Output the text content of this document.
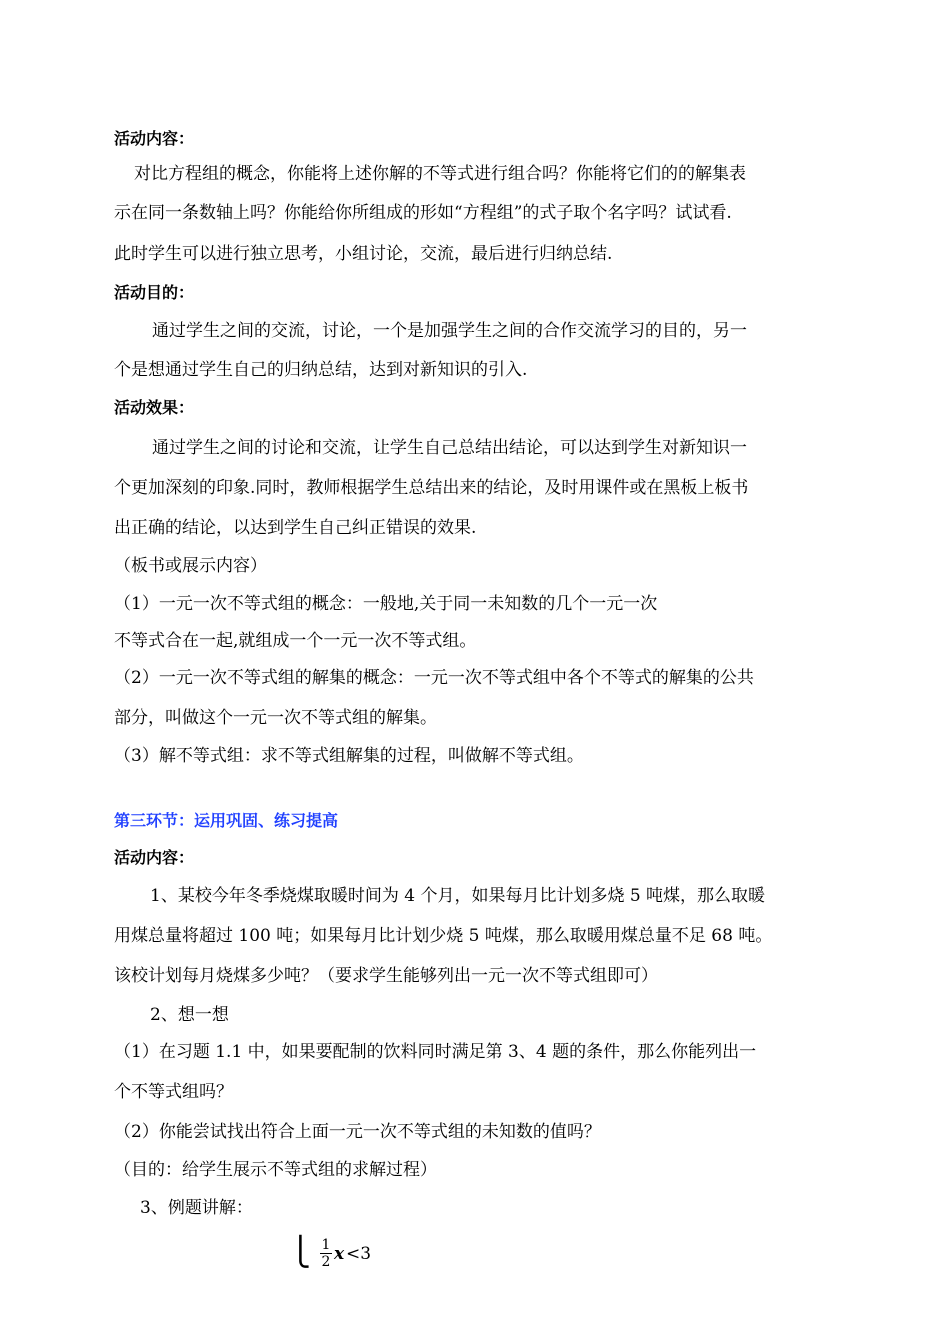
活动内容：
对比方程组的概念，你能将上述你解的不等式进行组合吗？你能将它们的的解集表
示在同一条数轴上吗？你能给你所组成的形如“方程组”的式子取个名字吗？试试看.
此时学生可以进行独立思考，小组讨论，交流，最后进行归纳总结.
活动目的：
通过学生之间的交流，讨论，一个是加强学生之间的合作交流学习的目的，另一
个是想通过学生自己的归纳总结，达到对新知识的引入.
活动效果：
通过学生之间的讨论和交流，让学生自己总结出结论，可以达到学生对新知识一
个更加深刻的印象.同时，教师根据学生总结出来的结论，及时用课件或在黑板上板书
出正确的结论，以达到学生自己纠正错误的效果.
（板书或展示内容）
（1）一元一次不等式组的概念：一般地,关于同一未知数的几个一元一次
不等式合在一起,就组成一个一元一次不等式组。
（2）一元一次不等式组的解集的概念：一元一次不等式组中各个不等式的解集的公共
部分，叫做这个一元一次不等式组的解集。
（3）解不等式组：求不等式组解集的过程，叫做解不等式组。
第三环节：运用巩固、练习提高
活动内容：
1、某校今年冬季烧煤取暖时间为 4 个月，如果每月比计划多烧 5 吨煤，那么取暖
用煤总量将超过 100 吨；如果每月比计划少烧 5 吨煤，那么取暖用煤总量不足 68 吨。
该校计划每月烧煤多少吨？（要求学生能够列出一元一次不等式组即可）
2、想一想
（1）在习题 1.1 中，如果要配制的饮料同时满足第 3、4 题的条件，那么你能列出一
个不等式组吗？
（2）你能尝试找出符合上面一元一次不等式组的未知数的值吗？
（目的：给学生展示不等式组的求解过程）
3、例题讲解：
⎩ 1
2 x <3
